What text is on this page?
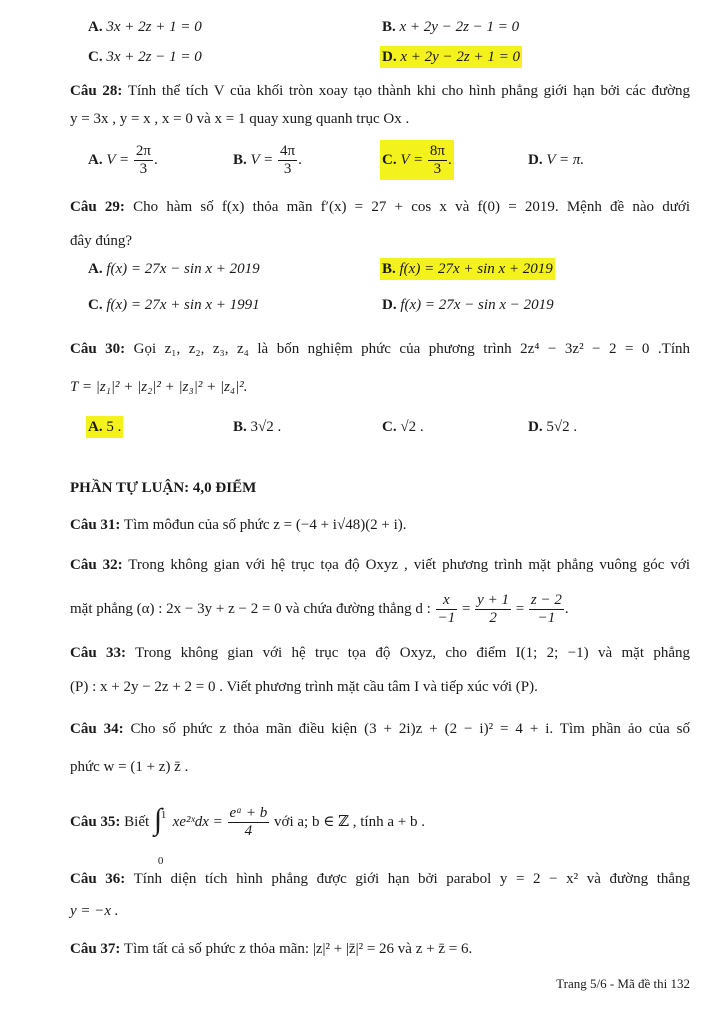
A. 3x + 2z + 1 = 0	B. x + 2y − 2z − 1 = 0
C. 3x + 2z − 1 = 0	D. x + 2y − 2z + 1 = 0
Câu 28: Tính thể tích V của khối tròn xoay tạo thành khi cho hình phẳng giới hạn bởi các đường
y = 3x , y = x , x = 0 và x = 1 quay xung quanh trục Ox .
A. $V = \frac{2\pi}{3}$ .	B. $V = \frac{4\pi}{3}$ .	C. $V = \frac{8\pi}{3}$ .	D. V = π.
Câu 29: Cho hàm số f(x) thỏa mãn f′(x) = 27 + cos x và f(0) = 2019. Mệnh đề nào dưới
đây đúng?
A. f(x) = 27x − sin x + 2019	B. f(x) = 27x + sin x + 2019
C. f(x) = 27x + sin x + 1991	D. f(x) = 27x − sin x − 2019
Câu 30: Gọi z₁, z₂, z₃, z₄ là bốn nghiệm phức của phương trình 2z⁴ − 3z² − 2 = 0 .Tính
T = |z₁|² + |z₂|² + |z₃|² + |z₄|².
A. 5 .	B. 3√2 .	C. √2 .	D. 5√2 .
PHẦN TỰ LUẬN: 4,0 ĐIỂM
Câu 31: Tìm môđun của số phức z = (−4 + i√48)(2 + i).
Câu 32: Trong không gian với hệ trục tọa độ Oxyz , viết phương trình mặt phẳng vuông góc với
mặt phẳng (α) : 2x − 3y + z − 2 = 0 và chứa đường thẳng d : $\frac{x}{-1} = \frac{y + 1}{2} = \frac{z - 2}{-1}$ .
Câu 33: Trong không gian với hệ trục tọa độ Oxyz, cho điểm I(1; 2; −1) và mặt phẳng
(P) : x + 2y − 2z + 2 = 0 . Viết phương trình mặt cầu tâm I và tiếp xúc với (P).
Câu 34: Cho số phức z thỏa mãn điều kiện (3 + 2i)z + (2 − i)² = 4 + i. Tìm phần ảo của số
phức w = (1 + z) z̄ .
Câu 35: Biết 1
∫
0
xe²ˣdx = $\frac{\text{eᵃ + b}}{4}$ với a; b ∈ ℤ , tính a + b .
Câu 36: Tính diện tích hình phẳng được giới hạn bởi parabol y = 2 − x² và đường thẳng
y = −x .
Câu 37: Tìm tất cả số phức z thỏa mãn: |z|² + |z̄|² = 26 và z + z̄ = 6.
Trang 5/6 - Mã đề thi 132
